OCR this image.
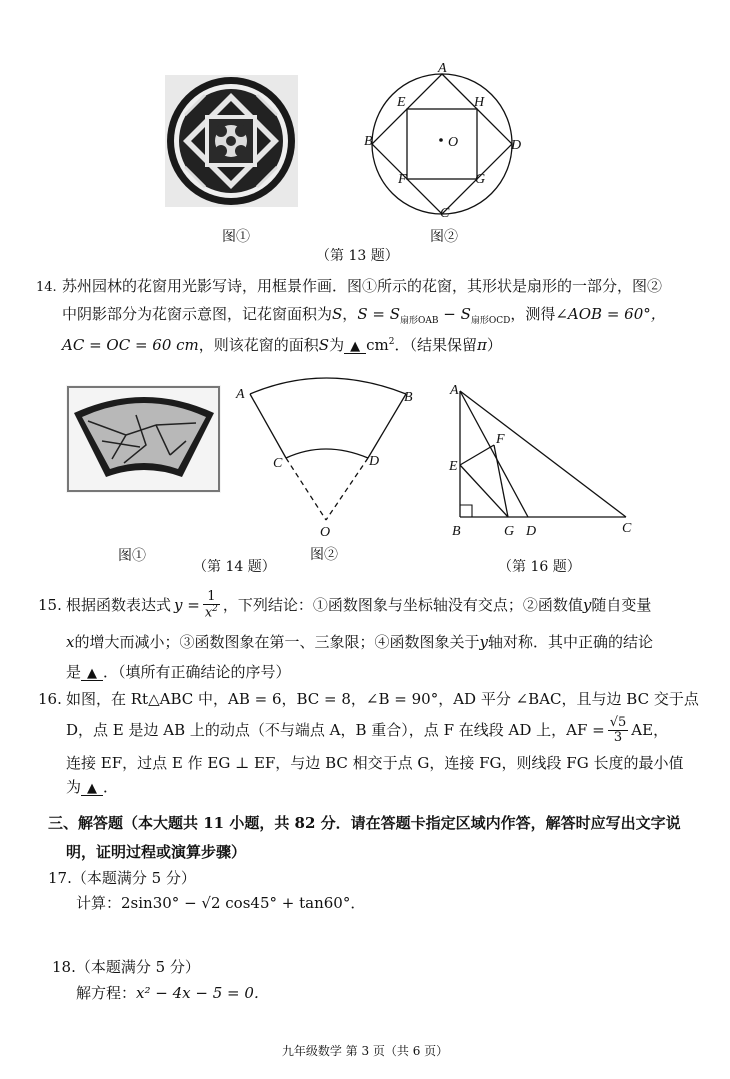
图①
A
E	H
B	O	D
F	G
C
图②
（第 13 题）
14. 苏州园林的花窗用光影写诗，用框景作画．图①所示的花窗，其形状是扇形的一部分，图②
中阴影部分为花窗示意图，记花窗面积为S，$S = S_{扇形OAB} - S_{扇形OCD}$，测得∠AOB = 60°，
AC = OC = 60 cm，则该花窗的面积S为 ▲ $cm^2$．（结果保留π）
图①
A	B
C	D
O
图②
（第 14 题）
A
F
E
B	G D	C
（第 16 题）
15. 根据函数表达式 $y = \frac{1}{x^2}$ ，下列结论：①函数图象与坐标轴没有交点；②函数值 y 随自变量
x的增大而减小；③函数图象在第一、三象限；④函数图象关于y轴对称．其中正确的结论
是 ▲ ．（填所有正确结论的序号）
16. 如图，在 Rt△ABC 中，AB = 6，BC = 8，∠B = 90°，AD 平分 ∠BAC，且与边 BC 交于点
D，点 E 是边 AB 上的动点（不与端点 A，B 重合），点 F 在线段 AD 上，AF = $\frac{√5}{3}$ AE，
连接 EF，过点 E 作 EG ⊥ EF，与边 BC 相交于点 G，连接 FG，则线段 FG 长度的最小值
为 ▲ ．
三、解答题（本大题共 11 小题，共 82 分．请在答题卡指定区域内作答，解答时应写出文字说
明，证明过程或演算步骤）
17.（本题满分 5 分）
计算：2sin30° − √2 cos45° + tan60°．
18.（本题满分 5 分）
解方程：x² − 4x − 5 = 0．
九年级数学 第 3 页（共 6 页）
